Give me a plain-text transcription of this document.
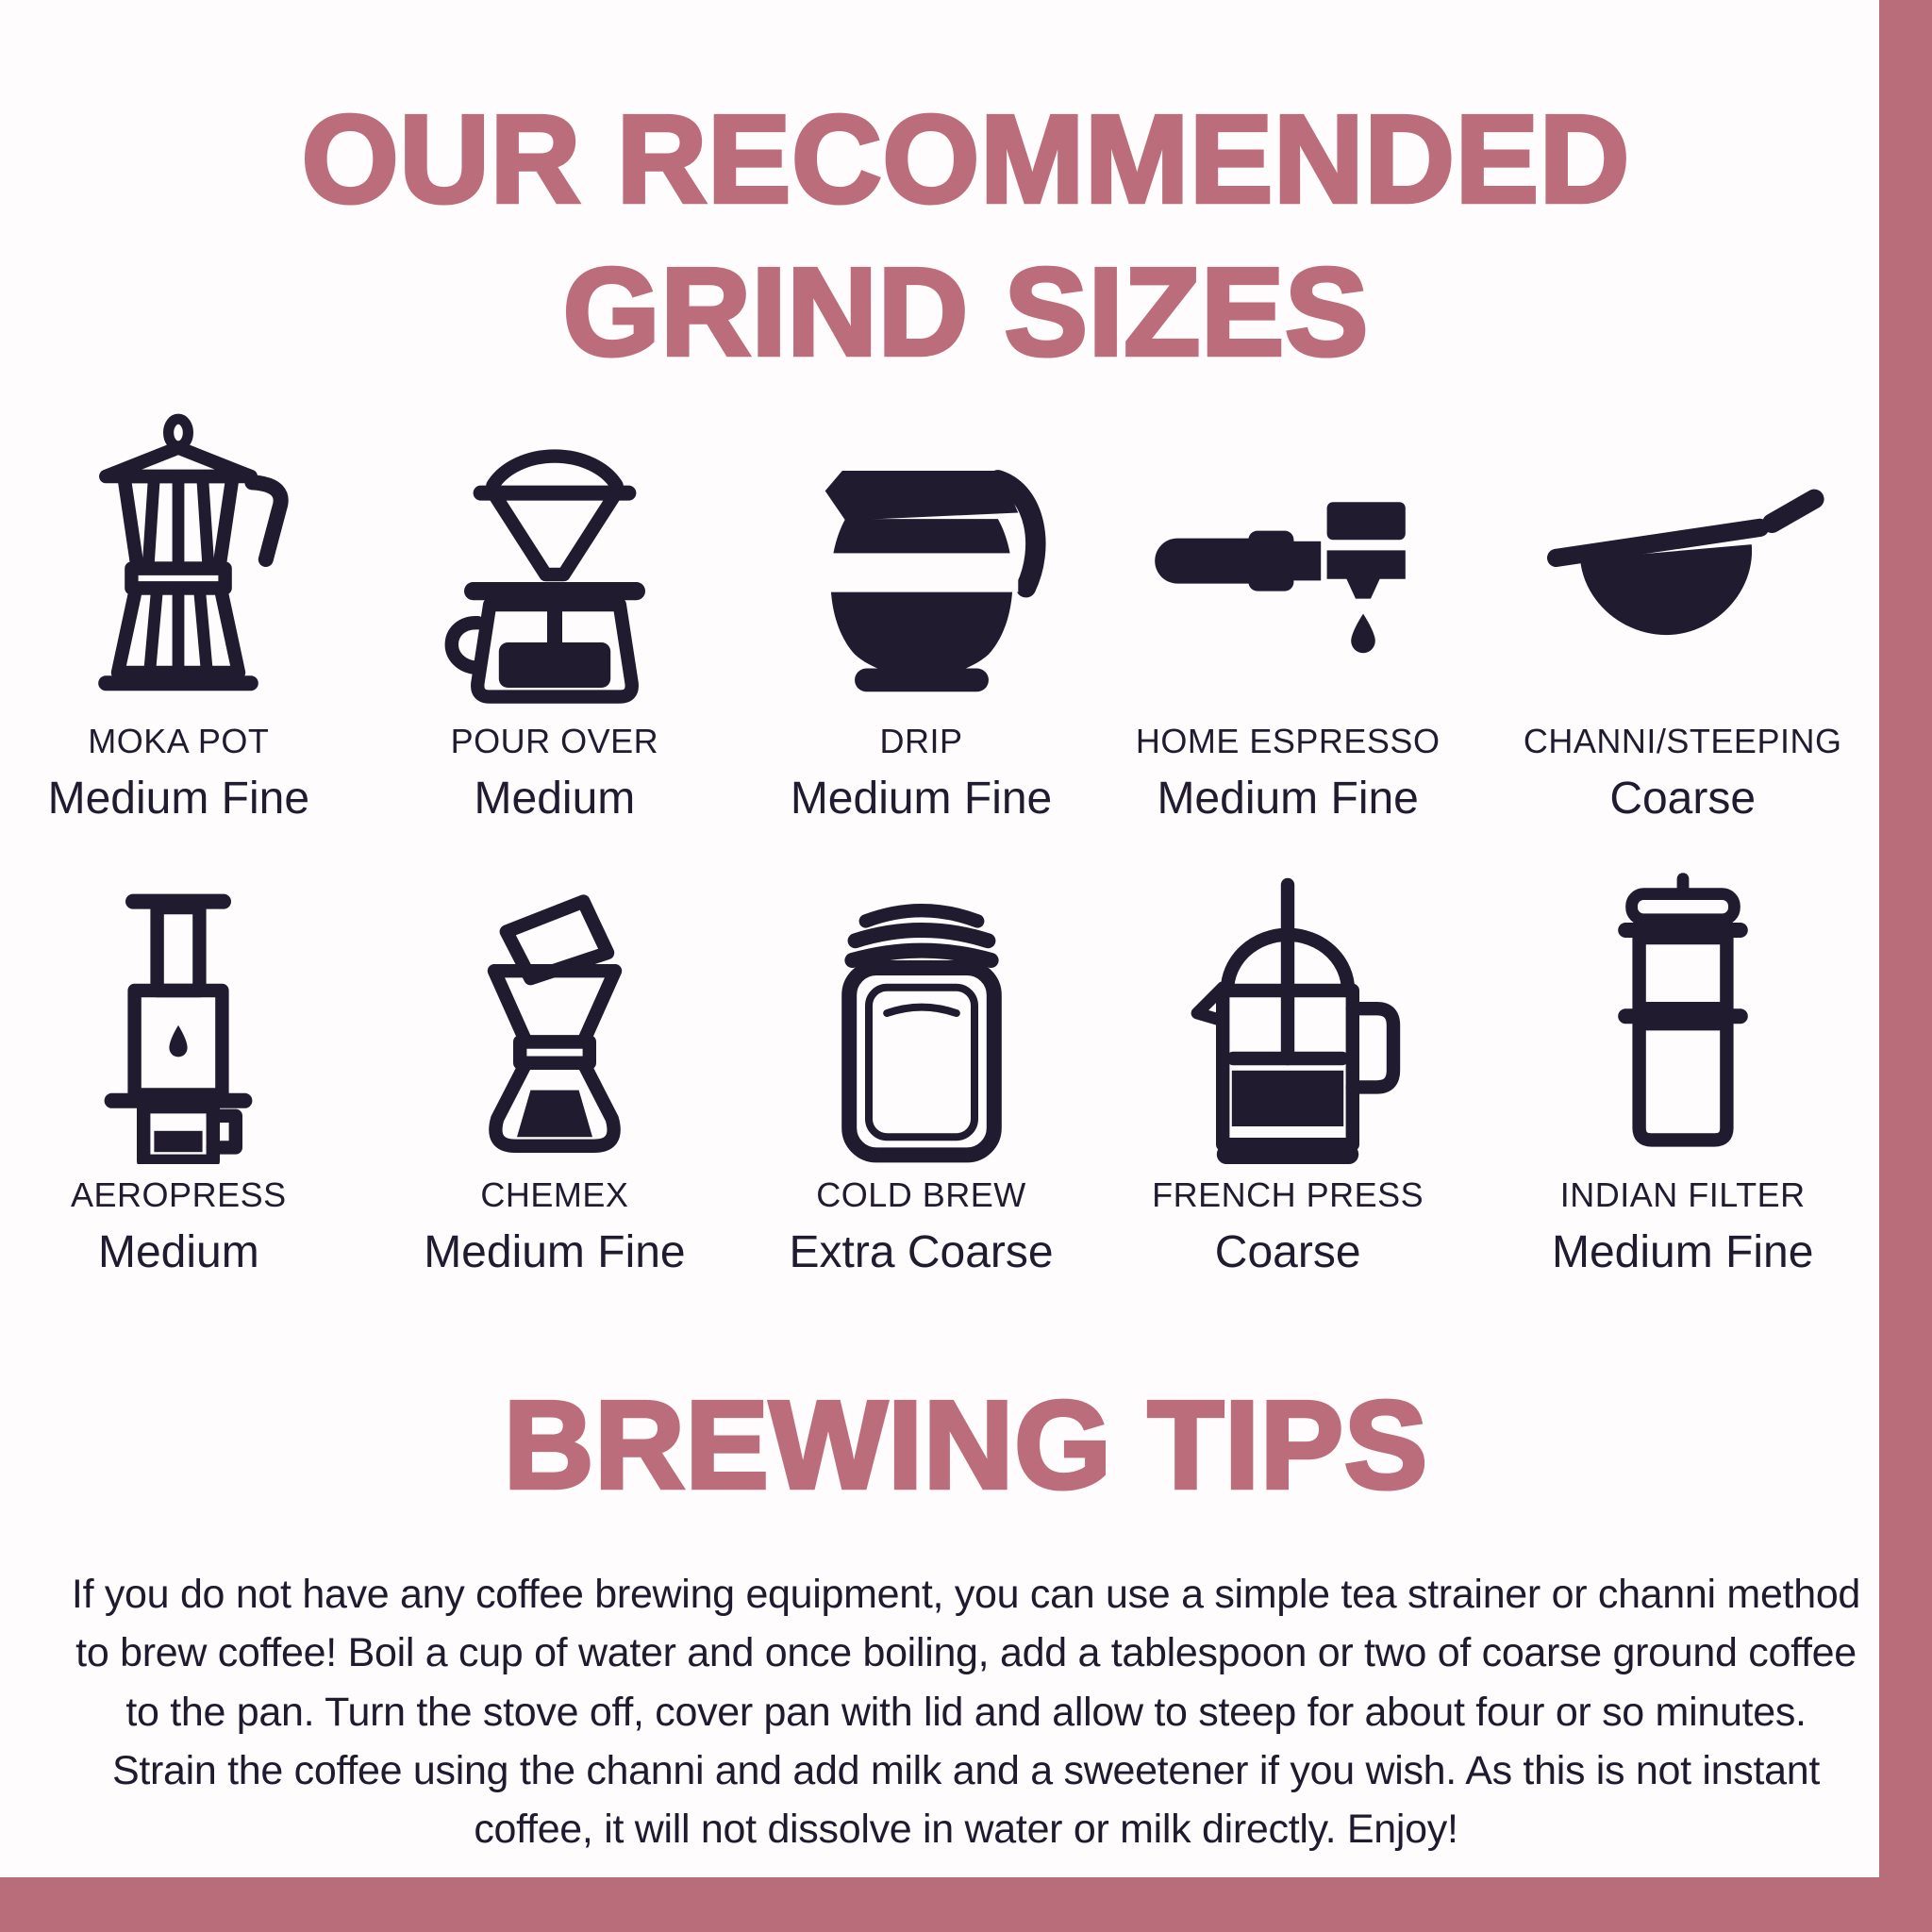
OUR RECOMMENDED
GRIND SIZES
MOKA POT
Medium Fine
POUR OVER
Medium
DRIP
Medium Fine
HOME ESPRESSO
Medium Fine
CHANNI/STEEPING
Coarse
AEROPRESS
Medium
CHEMEX
Medium Fine
COLD BREW
Extra Coarse
FRENCH PRESS
Coarse
INDIAN FILTER
Medium Fine
BREWING TIPS

If you do not have any coffee brewing equipment, you can use a simple tea strainer or channi method to brew coffee! Boil a cup of water and once boiling, add a tablespoon or two of coarse ground coffee to the pan. Turn the stove off, cover pan with lid and allow to steep for about four or so minutes. Strain the coffee using the channi and add milk and a sweetener if you wish. As this is not instant coffee, it will not dissolve in water or milk directly. Enjoy!
